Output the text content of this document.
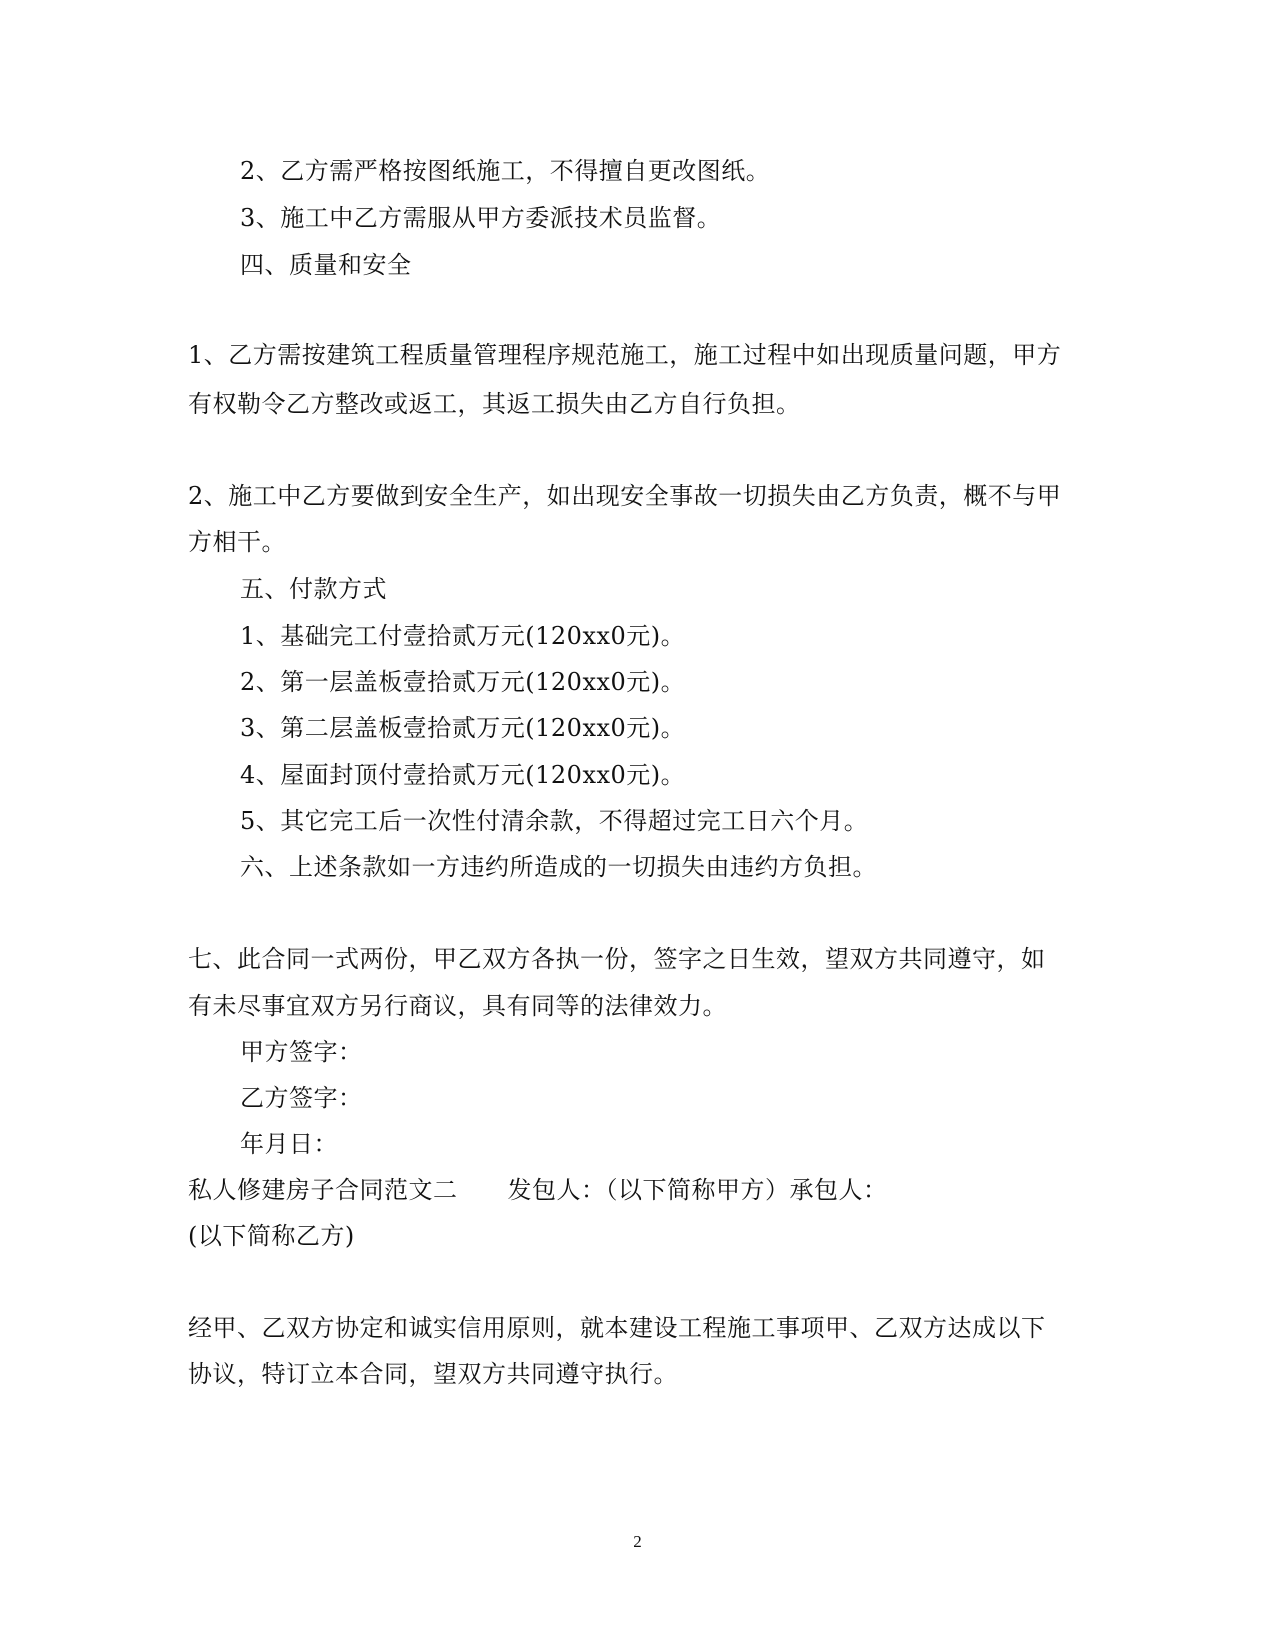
2、乙方需严格按图纸施工，不得擅自更改图纸。
3、施工中乙方需服从甲方委派技术员监督。
四、质量和安全
1、乙方需按建筑工程质量管理程序规范施工，施工过程中如出现质量问题，甲方
有权勒令乙方整改或返工，其返工损失由乙方自行负担。
2、施工中乙方要做到安全生产，如出现安全事故一切损失由乙方负责，概不与甲
方相干。
五、付款方式
1、基础完工付壹拾贰万元(120xx0元)。
2、第一层盖板壹拾贰万元(120xx0元)。
3、第二层盖板壹拾贰万元(120xx0元)。
4、屋面封顶付壹拾贰万元(120xx0元)。
5、其它完工后一次性付清余款，不得超过完工日六个月。
六、上述条款如一方违约所造成的一切损失由违约方负担。
七、此合同一式两份，甲乙双方各执一份，签字之日生效，望双方共同遵守，如
有未尽事宜双方另行商议，具有同等的法律效力。
甲方签字：
乙方签字：
年月日：
私人修建房子合同范文二 发包人：（以下简称甲方）承包人：
(以下简称乙方)
经甲、乙双方协定和诚实信用原则，就本建设工程施工事项甲、乙双方达成以下
协议，特订立本合同，望双方共同遵守执行。
2
